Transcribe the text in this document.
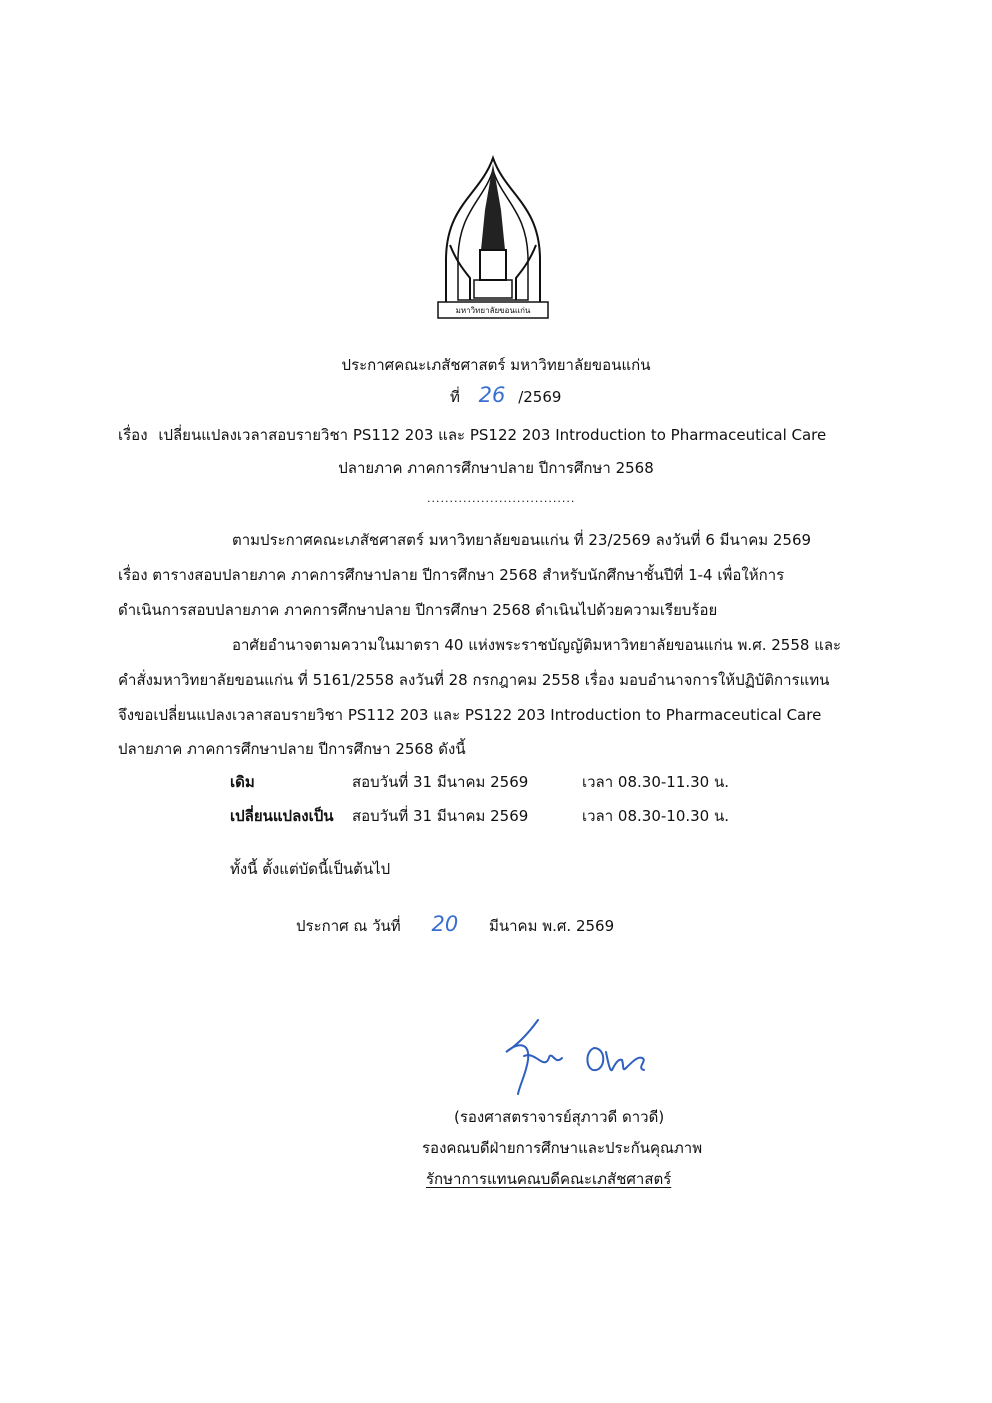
มหาวิทยาลัยขอนแก่น
ประกาศคณะเภสัชศาสตร์ มหาวิทยาลัยขอนแก่น
ที่ 26 /2569
เรื่อง เปลี่ยนแปลงเวลาสอบรายวิชา PS112 203 และ PS122 203 Introduction to Pharmaceutical Care
ปลายภาค ภาคการศึกษาปลาย ปีการศึกษา 2568
.................................
ตามประกาศคณะเภสัชศาสตร์ มหาวิทยาลัยขอนแก่น ที่ 23/2569 ลงวันที่ 6 มีนาคม 2569
เรื่อง ตารางสอบปลายภาค ภาคการศึกษาปลาย ปีการศึกษา 2568 สำหรับนักศึกษาชั้นปีที่ 1-4 เพื่อให้การ
ดำเนินการสอบปลายภาค ภาคการศึกษาปลาย ปีการศึกษา 2568 ดำเนินไปด้วยความเรียบร้อย
อาศัยอำนาจตามความในมาตรา 40 แห่งพระราชบัญญัติมหาวิทยาลัยขอนแก่น พ.ศ. 2558 และ
คำสั่งมหาวิทยาลัยขอนแก่น ที่ 5161/2558 ลงวันที่ 28 กรกฎาคม 2558 เรื่อง มอบอำนาจการให้ปฏิบัติการแทน
จึงขอเปลี่ยนแปลงเวลาสอบรายวิชา PS112 203 และ PS122 203 Introduction to Pharmaceutical Care
ปลายภาค ภาคการศึกษาปลาย ปีการศึกษา 2568 ดังนี้
เดิม	สอบวันที่ 31 มีนาคม 2569	เวลา 08.30-11.30 น.
เปลี่ยนแปลงเป็น สอบวันที่ 31 มีนาคม 2569	เวลา 08.30-10.30 น.
ทั้งนี้ ตั้งแต่บัดนี้เป็นต้นไป
ประกาศ ณ วันที่ 20 มีนาคม พ.ศ. 2569
(รองศาสตราจารย์สุภาวดี ดาวดี)
รองคณบดีฝ่ายการศึกษาและประกันคุณภาพ
รักษาการแทนคณบดีคณะเภสัชศาสตร์
